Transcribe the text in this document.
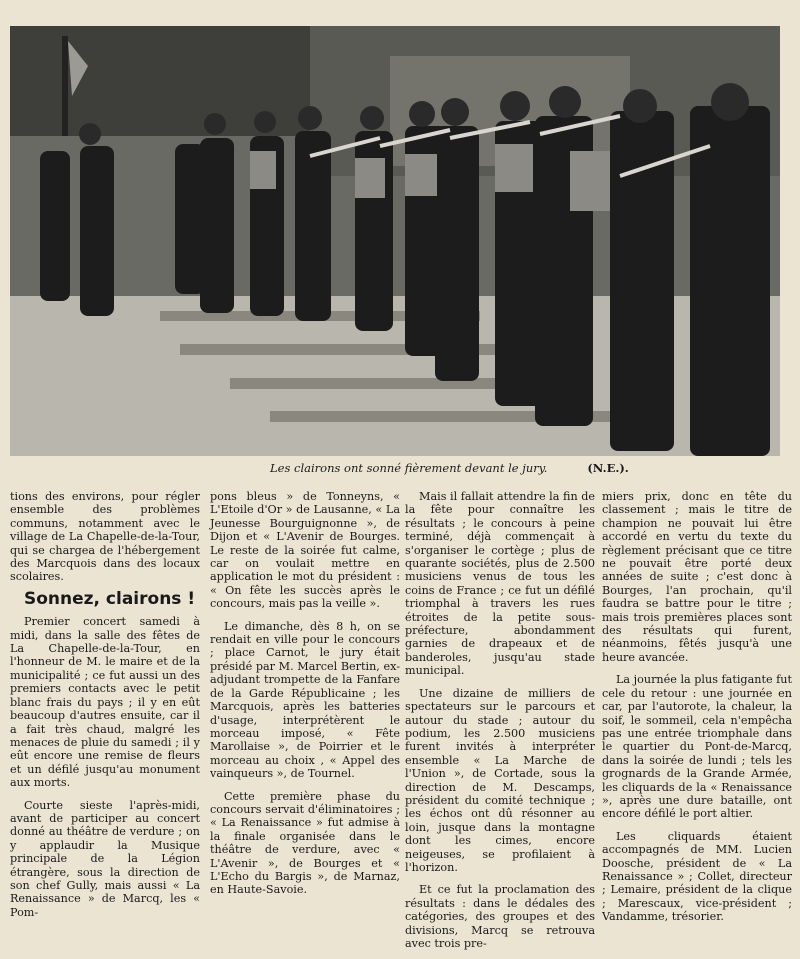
Les clairons ont sonné fièrement devant le jury.	(N.E.).

tions des environs, pour régler ensemble des problèmes communs, notamment avec le village de La Chapelle-de-la-Tour, qui se chargea de l'hébergement des Marcquois dans des locaux scolaires.

Sonnez, clairons !

Premier concert samedi à midi, dans la salle des fêtes de La Chapelle-de-la-Tour, en l'honneur de M. le maire et de la municipalité ; ce fut aussi un des premiers contacts avec le petit blanc frais du pays ; il y en eût beaucoup d'autres ensuite, car il a fait très chaud, malgré les menaces de pluie du samedi ; il y eût encore une remise de fleurs et un défilé jusqu'au monument aux morts.

Courte sieste l'après-midi, avant de participer au concert donné au théâtre de verdure ; on y applaudir la Musique principale de la Légion étrangère, sous la direction de son chef Gully, mais aussi « La Renaissance » de Marcq, les « Pom-

pons bleus » de Tonneyns, « L'Etoile d'Or » de Lausanne, « La Jeunesse Bourguignonne », de Dijon et « L'Avenir de Bourges. Le reste de la soirée fut calme, car on voulait mettre en application le mot du président : « On fête les succès après le concours, mais pas la veille ».

Le dimanche, dès 8 h, on se rendait en ville pour le concours ; place Carnot, le jury était présidé par M. Marcel Bertin, ex-adjudant trompette de la Fanfare de la Garde Républicaine ; les Marcquois, après les batteries d'usage, interprétèrent le morceau imposé, « Fête Marollaise », de Poirrier et le morceau au choix , « Appel des vainqueurs », de Tournel.

Cette première phase du concours servait d'éliminatoires ; « La Renaissance » fut admise à la finale organisée dans le théâtre de verdure, avec « L'Avenir », de Bourges et « L'Echo du Bargis », de Marnaz, en Haute-Savoie.

Mais il fallait attendre la fin de la fête pour connaître les résultats ; le concours à peine terminé, déjà commençait à s'organiser le cortège ; plus de quarante sociétés, plus de 2.500 musiciens venus de tous les coins de France ; ce fut un défilé triomphal à travers les rues étroites de la petite sous-préfecture, abondamment garnies de drapeaux et de banderoles, jusqu'au stade municipal.

Une dizaine de milliers de spectateurs sur le parcours et autour du stade ; autour du podium, les 2.500 musiciens furent invités à interpréter ensemble « La Marche de l'Union », de Cortade, sous la direction de M. Descamps, président du comité technique ; les échos ont dû résonner au loin, jusque dans la montagne dont les cimes, encore neigeuses, se profilaient à l'horizon.

Et ce fut la proclamation des résultats : dans le dédales des catégories, des groupes et des divisions, Marcq se retrouva avec trois pre-

miers prix, donc en tête du classement ; mais le titre de champion ne pouvait lui être accordé en vertu du texte du règlement précisant que ce titre ne pouvait être porté deux années de suite ; c'est donc à Bourges, l'an prochain, qu'il faudra se battre pour le titre ; mais trois premières places sont des résultats qui furent, néanmoins, fêtés jusqu'à une heure avancée.

La journée la plus fatigante fut cele du retour : une journée en car, par l'autorote, la chaleur, la soif, le sommeil, cela n'empêcha pas une entrée triomphale dans le quartier du Pont-de-Marcq, dans la soirée de lundi ; tels les grognards de la Grande Armée, les cliquards de la « Renaissance », après une dure bataille, ont encore défilé le port altier.

Les cliquards étaient accompagnés de MM. Lucien Doosche, président de « La Renaissance » ; Collet, directeur ; Lemaire, président de la clique ; Marescaux, vice-président ; Vandamme, trésorier.
